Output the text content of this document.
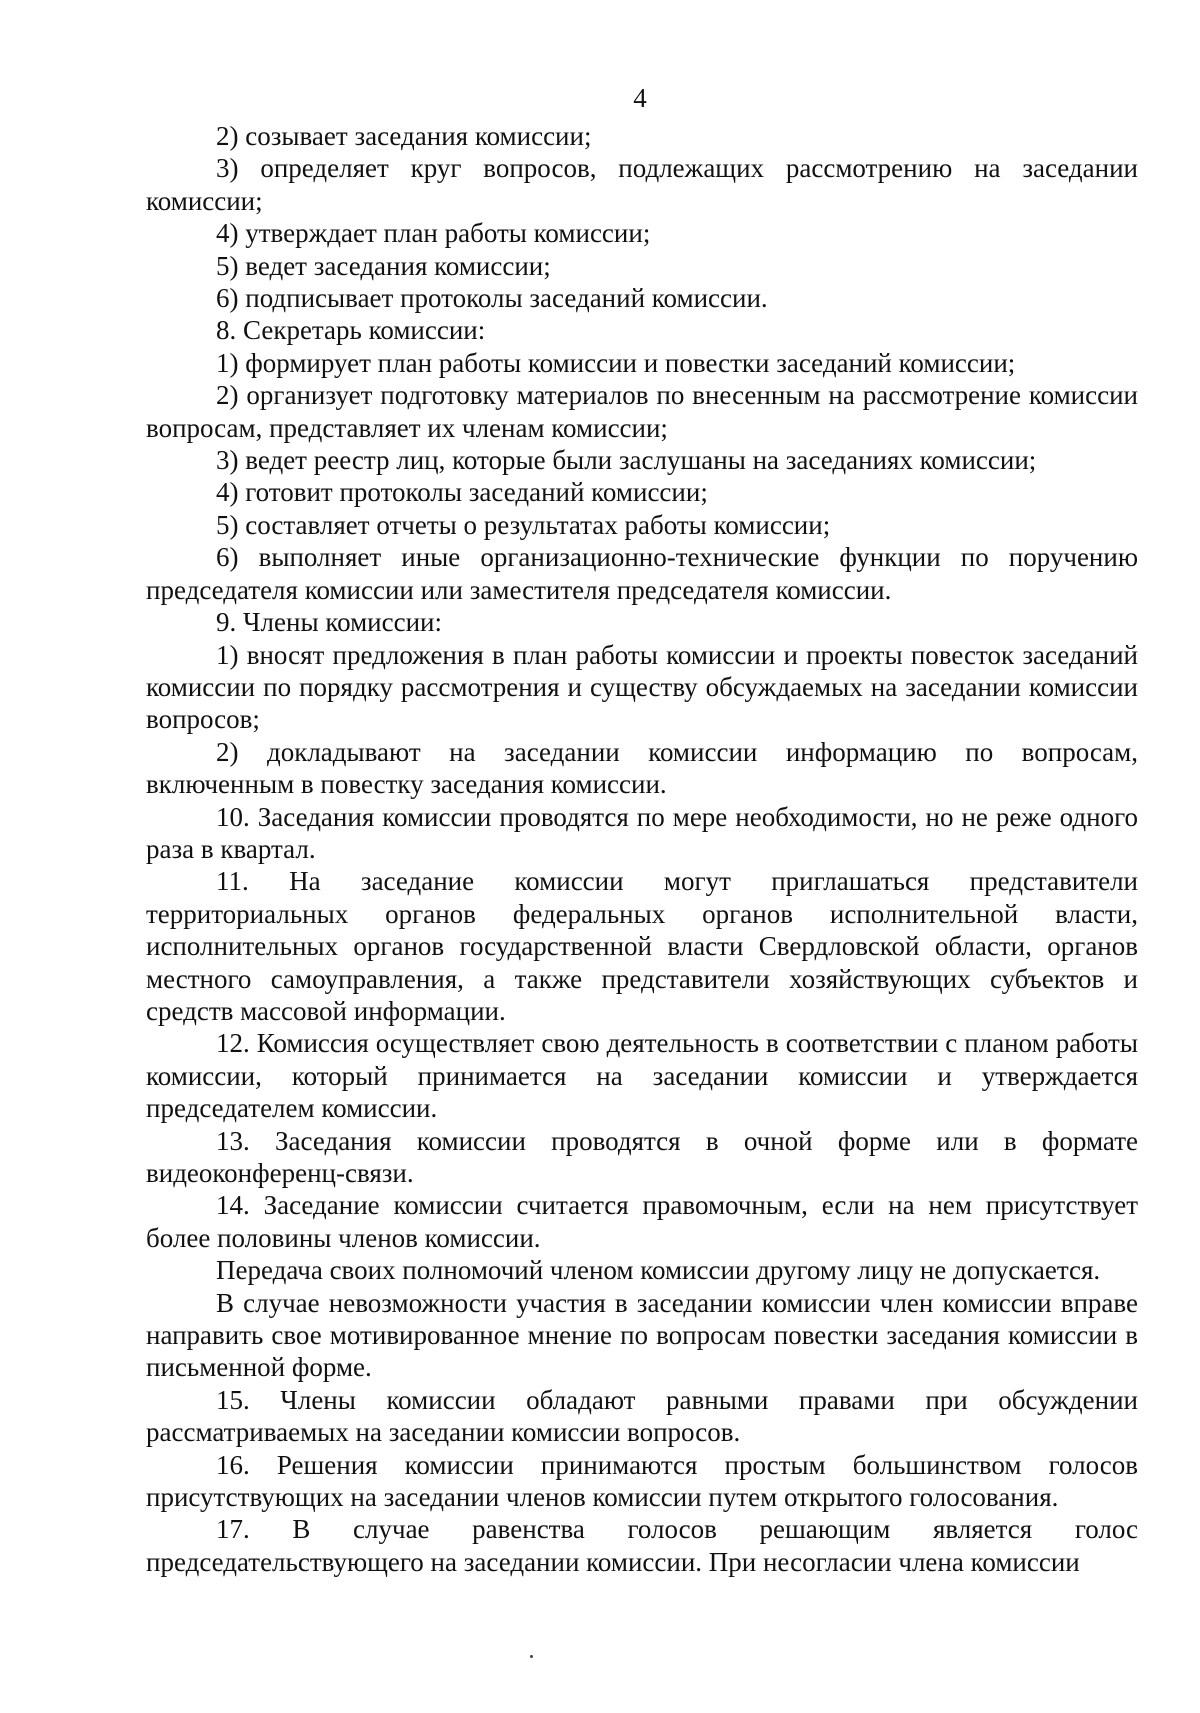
4

2) созывает заседания комиссии;

3) определяет круг вопросов, подлежащих рассмотрению на заседании комиссии;

4) утверждает план работы комиссии;

5) ведет заседания комиссии;

6) подписывает протоколы заседаний комиссии.

8. Секретарь комиссии:

1) формирует план работы комиссии и повестки заседаний комиссии;

2) организует подготовку материалов по внесенным на рассмотрение комиссии вопросам, представляет их членам комиссии;

3) ведет реестр лиц, которые были заслушаны на заседаниях комиссии;

4) готовит протоколы заседаний комиссии;

5) составляет отчеты о результатах работы комиссии;

6) выполняет иные организационно-технические функции по поручению председателя комиссии или заместителя председателя комиссии.

9. Члены комиссии:

1) вносят предложения в план работы комиссии и проекты повесток заседаний комиссии по порядку рассмотрения и существу обсуждаемых на заседании комиссии вопросов;

2) докладывают на заседании комиссии информацию по вопросам, включенным в повестку заседания комиссии.

10. Заседания комиссии проводятся по мере необходимости, но не реже одного раза в квартал.

11. На заседание комиссии могут приглашаться представители территориальных органов федеральных органов исполнительной власти, исполнительных органов государственной власти Свердловской области, органов местного самоуправления, а также представители хозяйствующих субъектов и средств массовой информации.

12. Комиссия осуществляет свою деятельность в соответствии с планом работы комиссии, который принимается на заседании комиссии и утверждается председателем комиссии.

13. Заседания комиссии проводятся в очной форме или в формате видеоконференц-связи.

14. Заседание комиссии считается правомочным, если на нем присутствует более половины членов комиссии.

Передача своих полномочий членом комиссии другому лицу не допускается.

В случае невозможности участия в заседании комиссии член комиссии вправе направить свое мотивированное мнение по вопросам повестки заседания комиссии в письменной форме.

15. Члены комиссии обладают равными правами при обсуждении рассматриваемых на заседании комиссии вопросов.

16. Решения комиссии принимаются простым большинством голосов присутствующих на заседании членов комиссии путем открытого голосования.

17. В случае равенства голосов решающим является голос председательствующего на заседании комиссии. При несогласии члена комиссии
